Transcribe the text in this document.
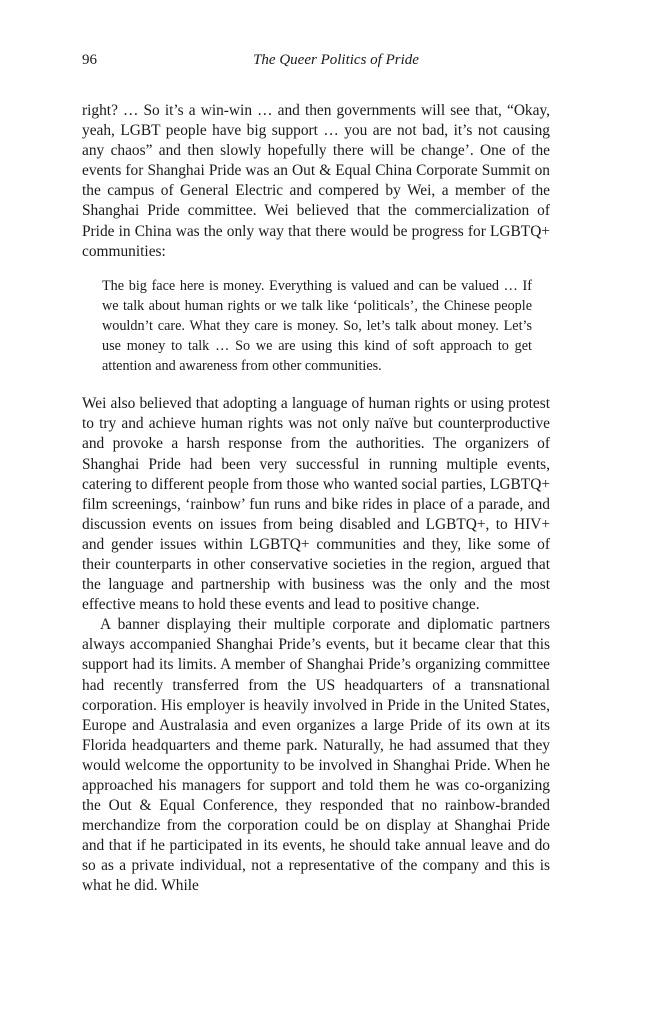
96	The Queer Politics of Pride

right? … So it’s a win-win … and then governments will see that, “Okay, yeah, LGBT people have big support … you are not bad, it’s not causing any chaos” and then slowly hopefully there will be change’. One of the events for Shanghai Pride was an Out & Equal China Corporate Summit on the campus of General Electric and compered by Wei, a member of the Shanghai Pride committee. Wei believed that the commercialization of Pride in China was the only way that there would be progress for LGBTQ+ communities:

The big face here is money. Everything is valued and can be valued … If we talk about human rights or we talk like ‘politicals’, the Chinese people wouldn’t care. What they care is money. So, let’s talk about money. Let’s use money to talk … So we are using this kind of soft approach to get attention and awareness from other communities.

Wei also believed that adopting a language of human rights or using protest to try and achieve human rights was not only naïve but counterproductive and provoke a harsh response from the authorities. The organizers of Shanghai Pride had been very successful in running multiple events, catering to different people from those who wanted social parties, LGBTQ+ film screenings, ‘rainbow’ fun runs and bike rides in place of a parade, and discussion events on issues from being disabled and LGBTQ+, to HIV+ and gender issues within LGBTQ+ communities and they, like some of their counterparts in other conservative societies in the region, argued that the language and partnership with business was the only and the most effective means to hold these events and lead to positive change.

A banner displaying their multiple corporate and diplomatic partners always accompanied Shanghai Pride’s events, but it became clear that this support had its limits. A member of Shanghai Pride’s organizing committee had recently transferred from the US headquarters of a transnational corporation. His employer is heavily involved in Pride in the United States, Europe and Australasia and even organizes a large Pride of its own at its Florida headquarters and theme park. Naturally, he had assumed that they would welcome the opportunity to be involved in Shanghai Pride. When he approached his managers for support and told them he was co-organizing the Out & Equal Conference, they responded that no rainbow-branded merchandize from the corporation could be on display at Shanghai Pride and that if he participated in its events, he should take annual leave and do so as a private individual, not a representative of the company and this is what he did. While
